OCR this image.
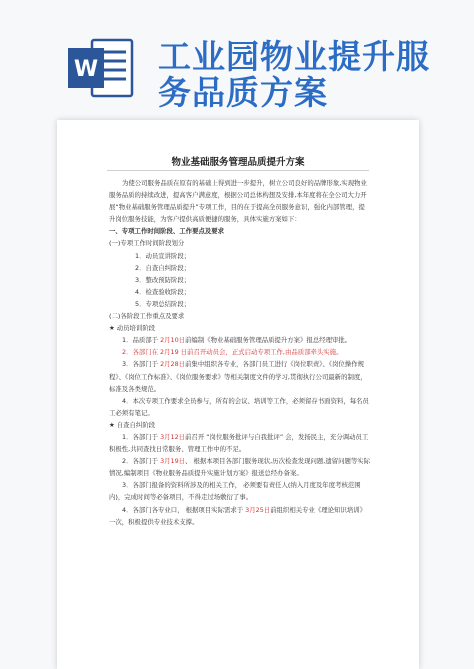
W 工业园物业提升服
务品质方案
物业基础服务管理品质提升方案

为使公司服务品质在原有的基础上得到进一步提升，树立公司良好的品牌形象,实现物业服务品质的持续改进，提高客户满意度，根据公司总体构想及安排,本年度将在全公司大力开展“物业基础服务管理品质提升”专项工作，目的在于提高全员服务意识，强化内部管理，提升岗位服务技能，为客户提供高质便捷的服务，具体实施方案如下：

一、专项工作时间阶段、工作要点及要求

(一)专项工作时间阶段划分

1．动员宣讲阶段；

2．自查自纠阶段；

3．整改预防阶段；

4．检查验收阶段；

5．专项总结阶段；

(二)各阶段工作重点及要求

★ 动员培训阶段

1．品质部于 2月10日前编制《物业基础服务管理品质提升方案》报总经理审批。

2．各部门在 2月19 日前召开动员会，正式启动专项工作,由品质部牵头实施。

3．各部门于 2月28日前集中组织各专业，各部门员工进行《岗位职责》、《岗位操作规程》、《岗位工作标准》、《岗位服务要求》等相关制度文件的学习,贯彻执行公司最新的制度，标准及各类规范。

4．本次专项工作要求全员参与，所有的会议、培训等工作，必须留存书面资料，每名员工必须有笔记。

★ 自查自纠阶段

1．各部门于 3月12日前召开 “岗位服务批评与自我批评” 会，发扬民主，充分调动员工积极性,共同查找日常服务、管理工作中的不足。

2．各部门于 3月19日、 根据本项目各部门服务现状,历次检查发现问题,遗留问题等实际情况,编制项目《物业服务品质提升实施计划方案》报送总经办备案。

3．各部门报备的资料所涉及的相关工作， 必须要有责任人(纳入月度及年度考核范围内)，完成时间等必备项目，不得走过场敷衍了事。

4．各部门各专业口， 根据项目实际需求于 3月25日前组织相关专业《理论知识培训》一次，积极提供专业技术支撑。
